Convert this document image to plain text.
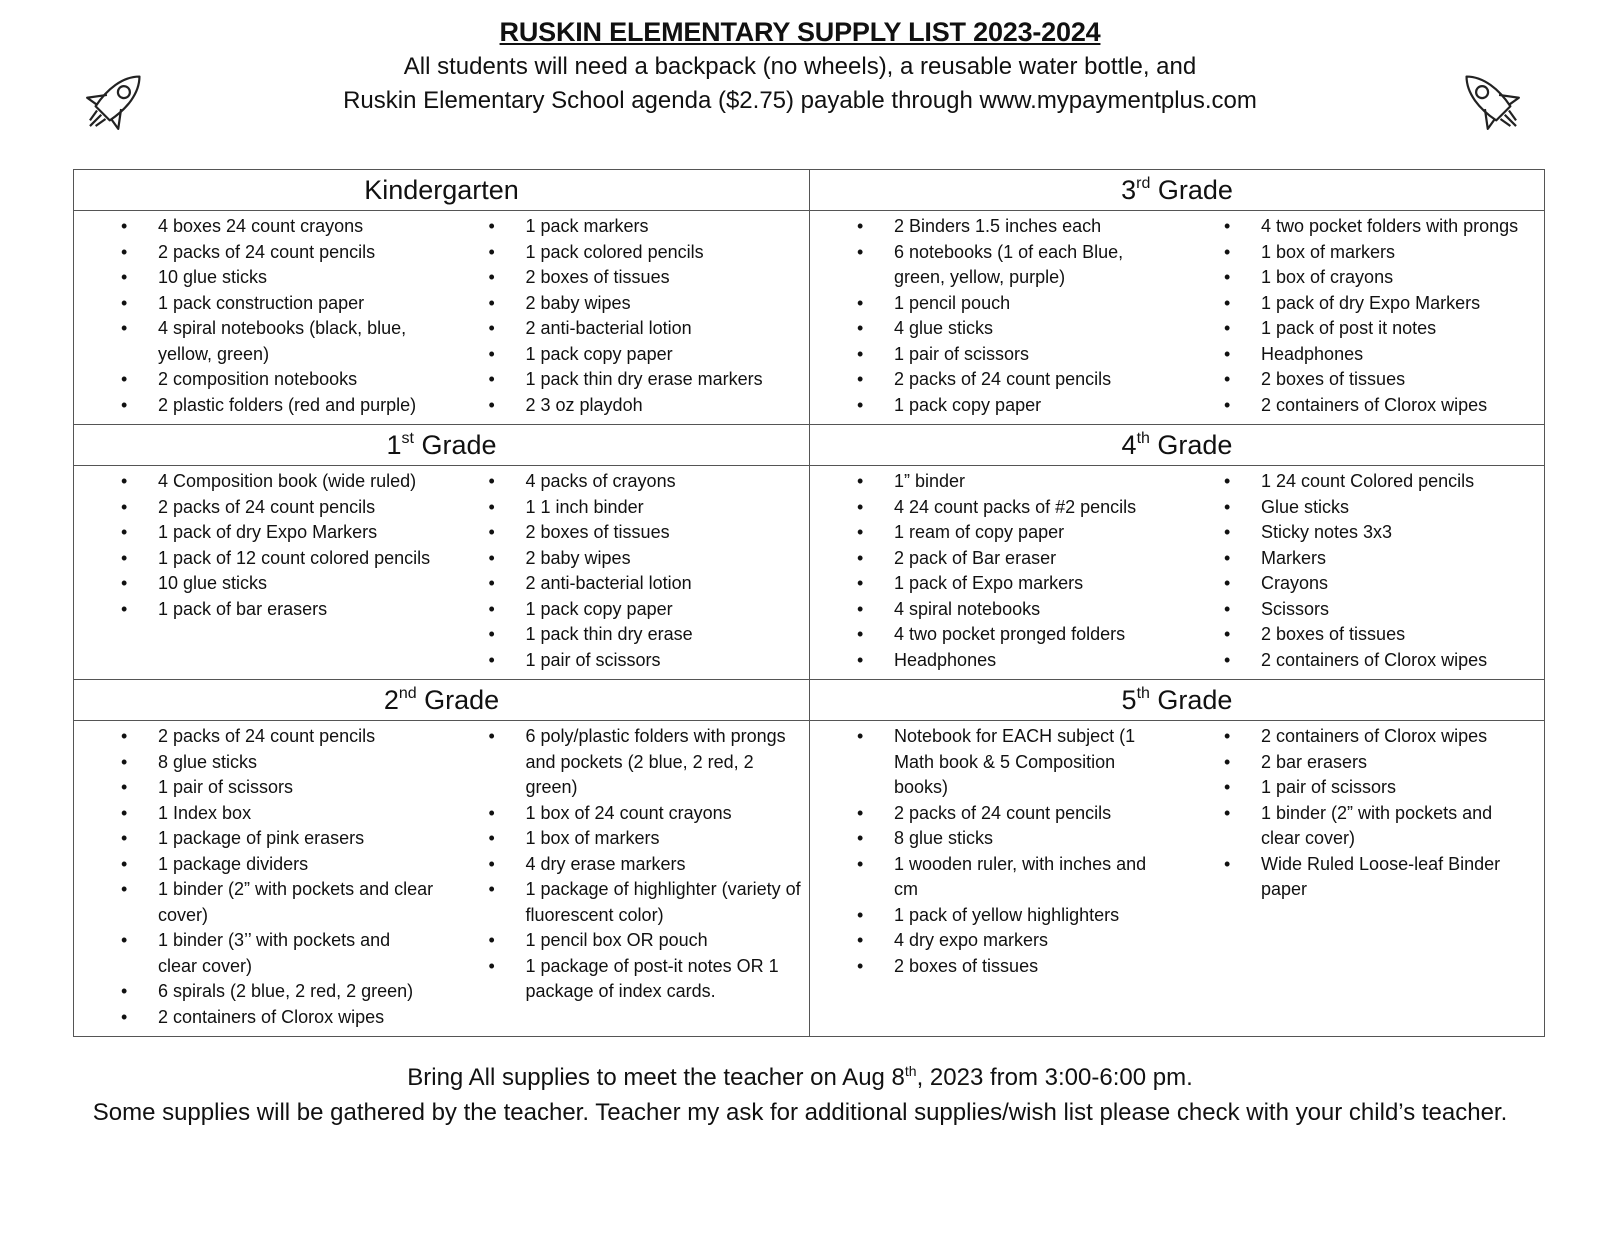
RUSKIN ELEMENTARY SUPPLY LIST 2023-2024

All students will need a backpack (no wheels), a reusable water bottle, and

Ruskin Elementary School agenda ($2.75) payable through www.mypaymentplus.com

Kindergarten
• 4 boxes 24 count crayons
• 2 packs of 24 count pencils
• 10 glue sticks
• 1 pack construction paper
• 4 spiral notebooks (black, blue, yellow, green)
• 2 composition notebooks
• 2 plastic folders (red and purple)
• 1 pack markers
• 1 pack colored pencils
• 2 boxes of tissues
• 2 baby wipes
• 2 anti-bacterial lotion
• 1 pack copy paper
• 1 pack thin dry erase markers
• 2 3 oz playdoh
3rd Grade
• 2 Binders 1.5 inches each
• 6 notebooks (1 of each Blue, green, yellow, purple)
• 1 pencil pouch
• 4 glue sticks
• 1 pair of scissors
• 2 packs of 24 count pencils
• 1 pack copy paper
• 4 two pocket folders with prongs
• 1 box of markers
• 1 box of crayons
• 1 pack of dry Expo Markers
• 1 pack of post it notes
• Headphones
• 2 boxes of tissues
• 2 containers of Clorox wipes
1st Grade
• 4 Composition book (wide ruled)
• 2 packs of 24 count pencils
• 1 pack of dry Expo Markers
• 1 pack of 12 count colored pencils
• 10 glue sticks
• 1 pack of bar erasers
• 4 packs of crayons
• 1 1 inch binder
• 2 boxes of tissues
• 2 baby wipes
• 2 anti-bacterial lotion
• 1 pack copy paper
• 1 pack thin dry erase
• 1 pair of scissors
4th Grade
• 1” binder
• 4 24 count packs of #2 pencils
• 1 ream of copy paper
• 2 pack of Bar eraser
• 1 pack of Expo markers
• 4 spiral notebooks
• 4 two pocket pronged folders
• Headphones
• 1 24 count Colored pencils
• Glue sticks
• Sticky notes 3x3
• Markers
• Crayons
• Scissors
• 2 boxes of tissues
• 2 containers of Clorox wipes
2nd Grade
• 2 packs of 24 count pencils
• 8 glue sticks
• 1 pair of scissors
• 1 Index box
• 1 package of pink erasers
• 1 package dividers
• 1 binder (2” with pockets and clear cover)
• 1 binder (3’’ with pockets and clear cover)
• 6 spirals (2 blue, 2 red, 2 green)
• 2 containers of Clorox wipes
• 6 poly/plastic folders with prongs and pockets (2 blue, 2 red, 2 green)
• 1 box of 24 count crayons
• 1 box of markers
• 4 dry erase markers
• 1 package of highlighter (variety of fluorescent color)
• 1 pencil box OR pouch
• 1 package of post-it notes OR 1 package of index cards.
5th Grade
• Notebook for EACH subject (1 Math book & 5 Composition books)
• 2 packs of 24 count pencils
• 8 glue sticks
• 1 wooden ruler, with inches and cm
• 1 pack of yellow highlighters
• 4 dry expo markers
• 2 boxes of tissues
• 2 containers of Clorox wipes
• 2 bar erasers
• 1 pair of scissors
• 1 binder (2” with pockets and clear cover)
• Wide Ruled Loose-leaf Binder paper

Bring All supplies to meet the teacher on Aug 8th, 2023 from 3:00-6:00 pm.

Some supplies will be gathered by the teacher. Teacher my ask for additional supplies/wish list please check with your child’s teacher.
